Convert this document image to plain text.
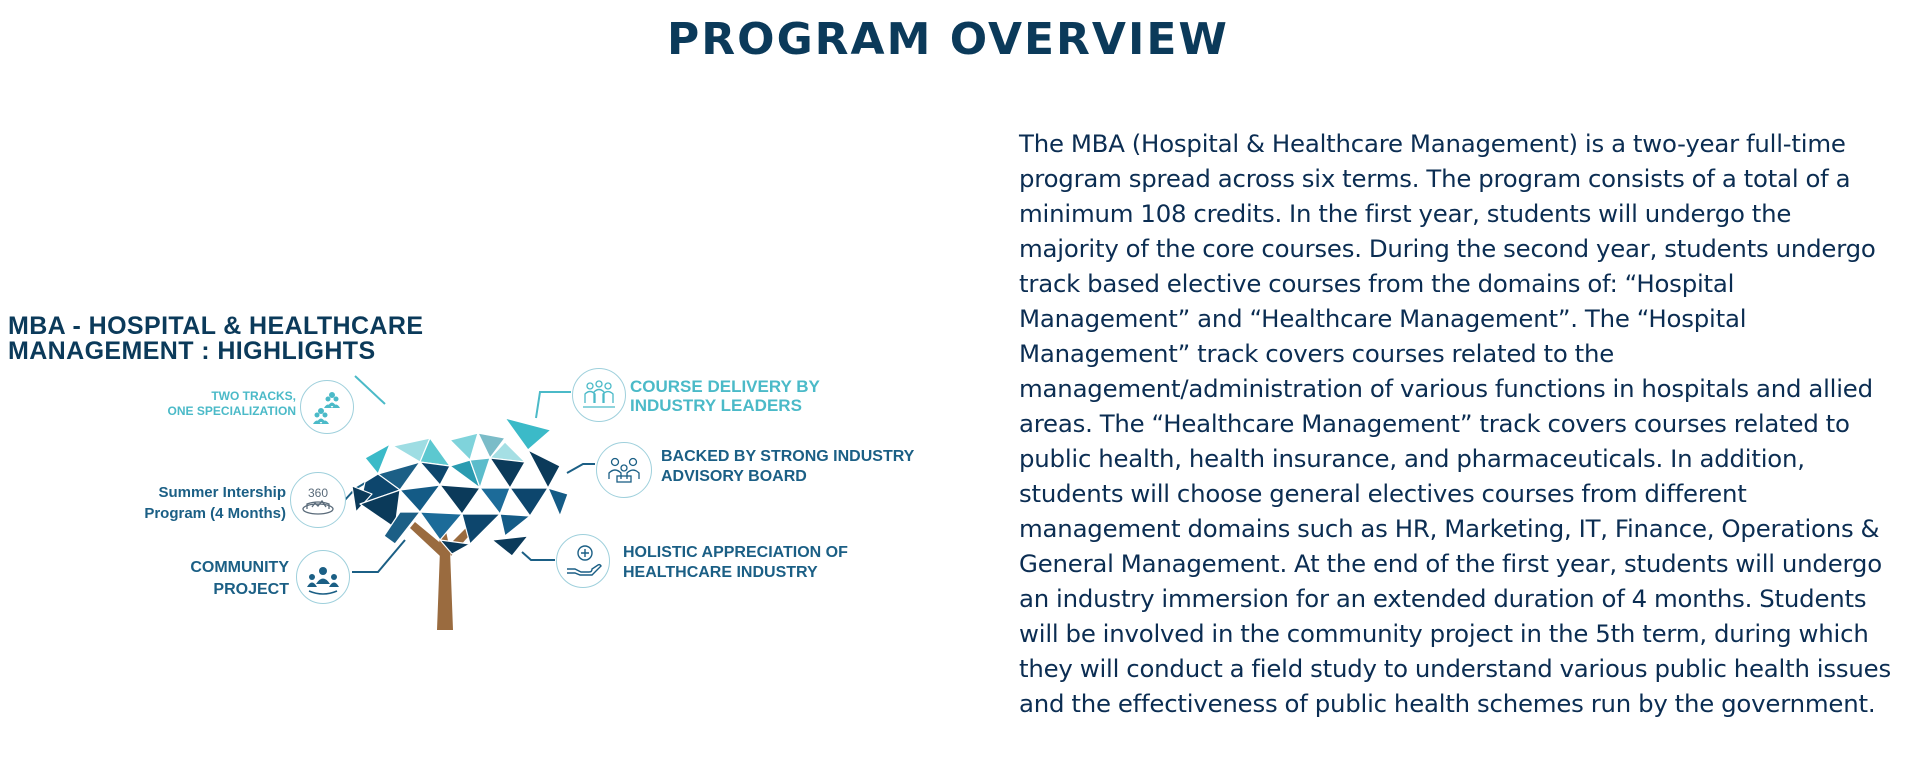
PROGRAM OVERVIEW
MBA - HOSPITAL & HEALTHCARE
MANAGEMENT : HIGHLIGHTS
360
TWO TRACKS,
ONE SPECIALIZATION
Summer Intership
Program (4 Months)
COMMUNITY
PROJECT
COURSE DELIVERY BY
INDUSTRY LEADERS
BACKED BY STRONG INDUSTRY
ADVISORY BOARD
HOLISTIC APPRECIATION OF
HEALTHCARE INDUSTRY

The MBA (Hospital & Healthcare Management) is a two-year full-time program spread across six terms. The program consists of a total of a minimum 108 credits. In the first year, students will undergo the majority of the core courses. During the second year, students undergo track based elective courses from the domains of: “Hospital Management” and “Healthcare Management”. The “Hospital Management” track covers courses related to the management/administration of various functions in hospitals and allied areas. The “Healthcare Management” track covers courses related to public health, health insurance, and pharmaceuticals. In addition, students will choose general electives courses from different management domains such as HR, Marketing, IT, Finance, Operations & General Management. At the end of the first year, students will undergo an industry immersion for an extended duration of 4 months. Students will be involved in the community project in the 5th term, during which they will conduct a field study to understand various public health issues and the effectiveness of public health schemes run by the government.
